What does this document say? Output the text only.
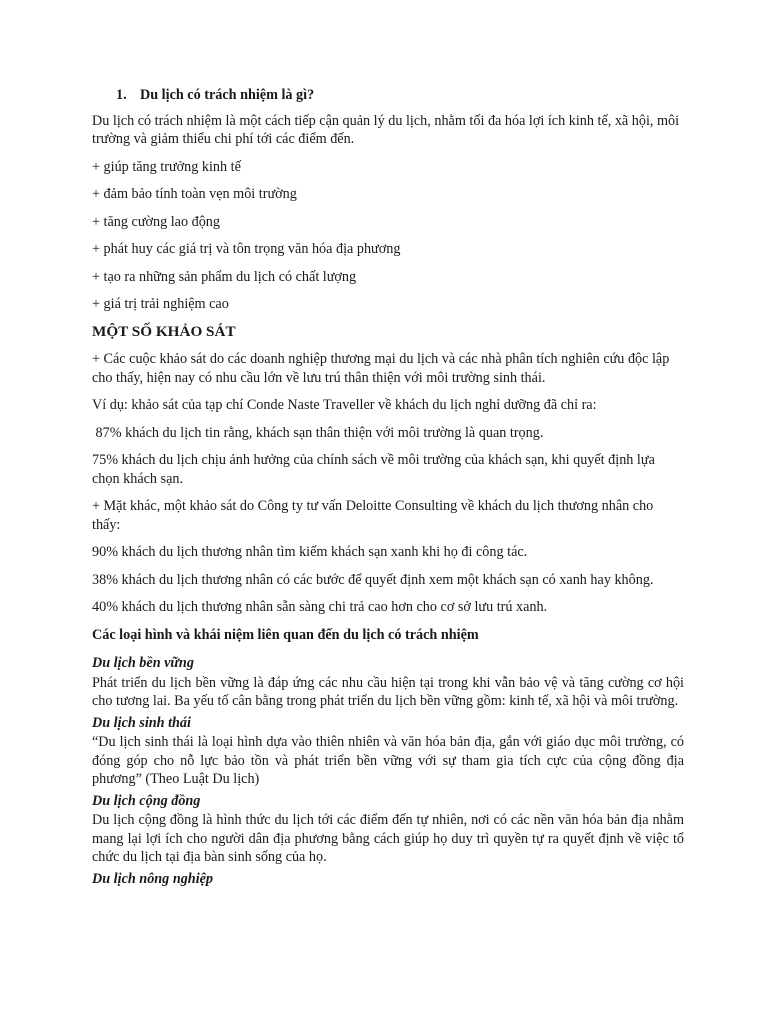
1. Du lịch có trách nhiệm là gì?

Du lịch có trách nhiệm là một cách tiếp cận quản lý du lịch, nhằm tối đa hóa lợi ích kinh tế, xã hội, môi trường và giảm thiểu chi phí tới các điểm đến.

+ giúp tăng trưởng kinh tế

+ đảm bảo tính toàn vẹn môi trường

+ tăng cường lao động

+ phát huy các giá trị và tôn trọng văn hóa địa phương

+ tạo ra những sản phẩm du lịch có chất lượng

+ giá trị trải nghiệm cao

MỘT SỐ KHẢO SÁT

+ Các cuộc khảo sát do các doanh nghiệp thương mại du lịch và các nhà phân tích nghiên cứu độc lập cho thấy, hiện nay có nhu cầu lớn về lưu trú thân thiện với môi trường sinh thái.

Ví dụ: khảo sát của tạp chí Conde Naste Traveller về khách du lịch nghỉ dưỡng đã chỉ ra:

87% khách du lịch tin rằng, khách sạn thân thiện với môi trường là quan trọng.

75% khách du lịch chịu ảnh hưởng của chính sách về môi trường của khách sạn, khi quyết định lựa chọn khách sạn.

+ Mặt khác, một khảo sát do Công ty tư vấn Deloitte Consulting về khách du lịch thương nhân cho thấy:

90% khách du lịch thương nhân tìm kiếm khách sạn xanh khi họ đi công tác.

38% khách du lịch thương nhân có các bước để quyết định xem một khách sạn có xanh hay không.

40% khách du lịch thương nhân sẵn sàng chi trả cao hơn cho cơ sở lưu trú xanh.

Các loại hình và khái niệm liên quan đến du lịch có trách nhiệm
Du lịch bền vững
Phát triển du lịch bền vững là đáp ứng các nhu cầu hiện tại trong khi vẫn bảo vệ và tăng cường cơ hội cho tương lai. Ba yếu tố cân bằng trong phát triển du lịch bền vững gồm: kinh tế, xã hội và môi trường.
Du lịch sinh thái
“Du lịch sinh thái là loại hình dựa vào thiên nhiên và văn hóa bản địa, gắn với giáo dục môi trường, có đóng góp cho nỗ lực bảo tồn và phát triển bền vững với sự tham gia tích cực của cộng đồng địa phương” (Theo Luật Du lịch)
Du lịch cộng đồng
Du lịch cộng đồng là hình thức du lịch tới các điểm đến tự nhiên, nơi có các nền văn hóa bản địa nhằm mang lại lợi ích cho người dân địa phương bằng cách giúp họ duy trì quyền tự ra quyết định về việc tổ chức du lịch tại địa bàn sinh sống của họ.
Du lịch nông nghiệp
